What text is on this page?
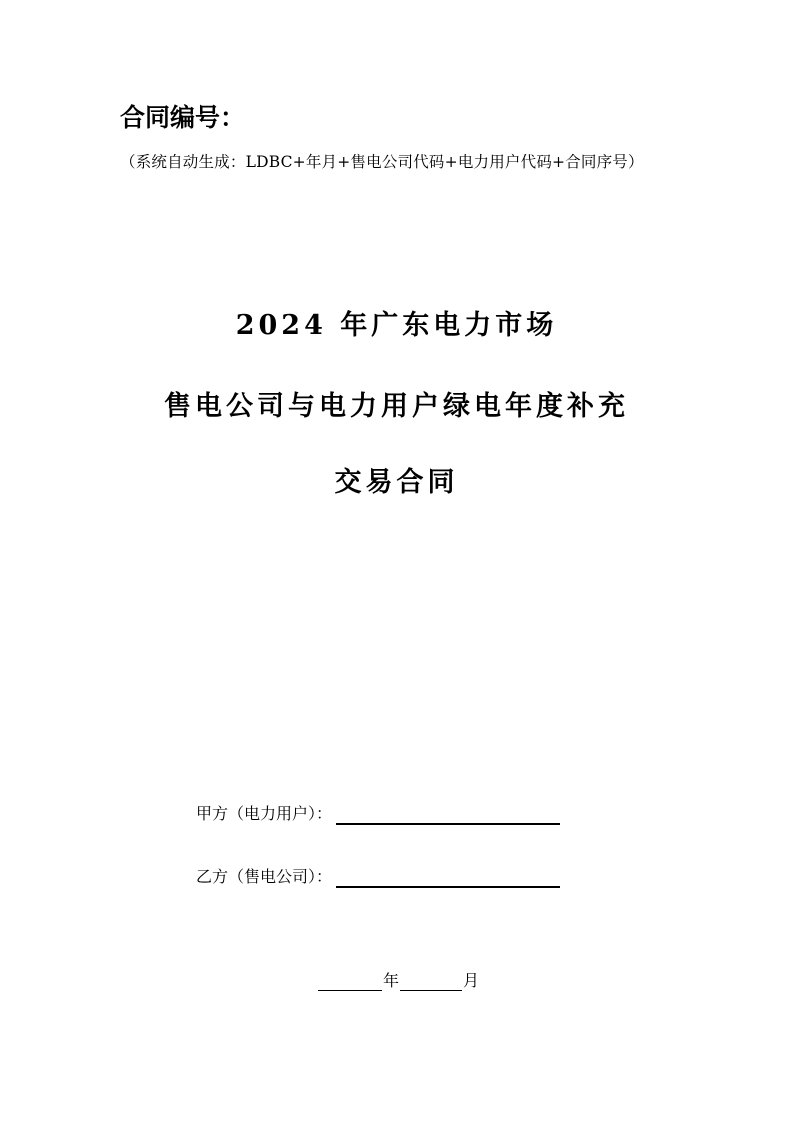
合同编号：
（系统自动生成：LDBC+年月+售电公司代码+电力用户代码+合同序号）
2024 年广东电力市场
售电公司与电力用户绿电年度补充
交易合同
甲方（电力用户）：
乙方（售电公司）：
年	月
